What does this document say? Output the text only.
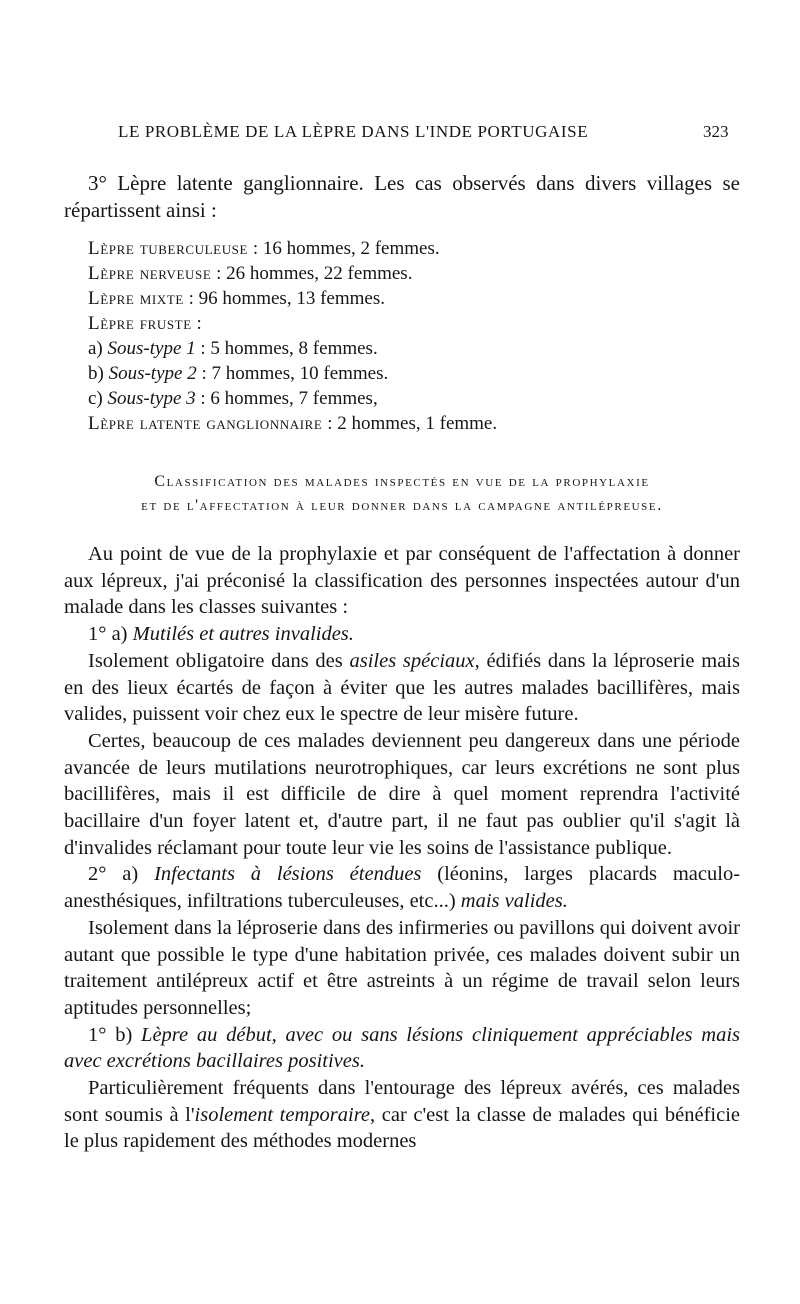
LE PROBLÈME DE LA LÈPRE DANS L'INDE PORTUGAISE	323
3° Lèpre latente ganglionnaire. Les cas observés dans divers villages se répartissent ainsi :
Lèpre tuberculeuse : 16 hommes, 2 femmes.
Lèpre nerveuse : 26 hommes, 22 femmes.
Lèpre mixte : 96 hommes, 13 femmes.
Lèpre fruste :
a) Sous-type 1 : 5 hommes, 8 femmes.
b) Sous-type 2 : 7 hommes, 10 femmes.
c) Sous-type 3 : 6 hommes, 7 femmes,
Lèpre latente ganglionnaire : 2 hommes, 1 femme.
Classification des malades inspectés en vue de la prophylaxie
et de l'affectation à leur donner dans la campagne antilépreuse.

Au point de vue de la prophylaxie et par conséquent de l'affectation à donner aux lépreux, j'ai préconisé la classification des personnes inspectées autour d'un malade dans les classes suivantes :

1° a) Mutilés et autres invalides.

Isolement obligatoire dans des asiles spéciaux, édifiés dans la léproserie mais en des lieux écartés de façon à éviter que les autres malades bacillifères, mais valides, puissent voir chez eux le spectre de leur misère future.

Certes, beaucoup de ces malades deviennent peu dangereux dans une période avancée de leurs mutilations neurotrophiques, car leurs excrétions ne sont plus bacillifères, mais il est difficile de dire à quel moment reprendra l'activité bacillaire d'un foyer latent et, d'autre part, il ne faut pas oublier qu'il s'agit là d'invalides réclamant pour toute leur vie les soins de l'assistance publique.

2° a) Infectants à lésions étendues (léonins, larges placards maculo-anesthésiques, infiltrations tuberculeuses, etc...) mais valides.

Isolement dans la léproserie dans des infirmeries ou pavillons qui doivent avoir autant que possible le type d'une habitation privée, ces malades doivent subir un traitement antilépreux actif et être astreints à un régime de travail selon leurs aptitudes personnelles;

1° b) Lèpre au début, avec ou sans lésions cliniquement appréciables mais avec excrétions bacillaires positives.

Particulièrement fréquents dans l'entourage des lépreux avérés, ces malades sont soumis à l'isolement temporaire, car c'est la classe de malades qui bénéficie le plus rapidement des méthodes modernes
